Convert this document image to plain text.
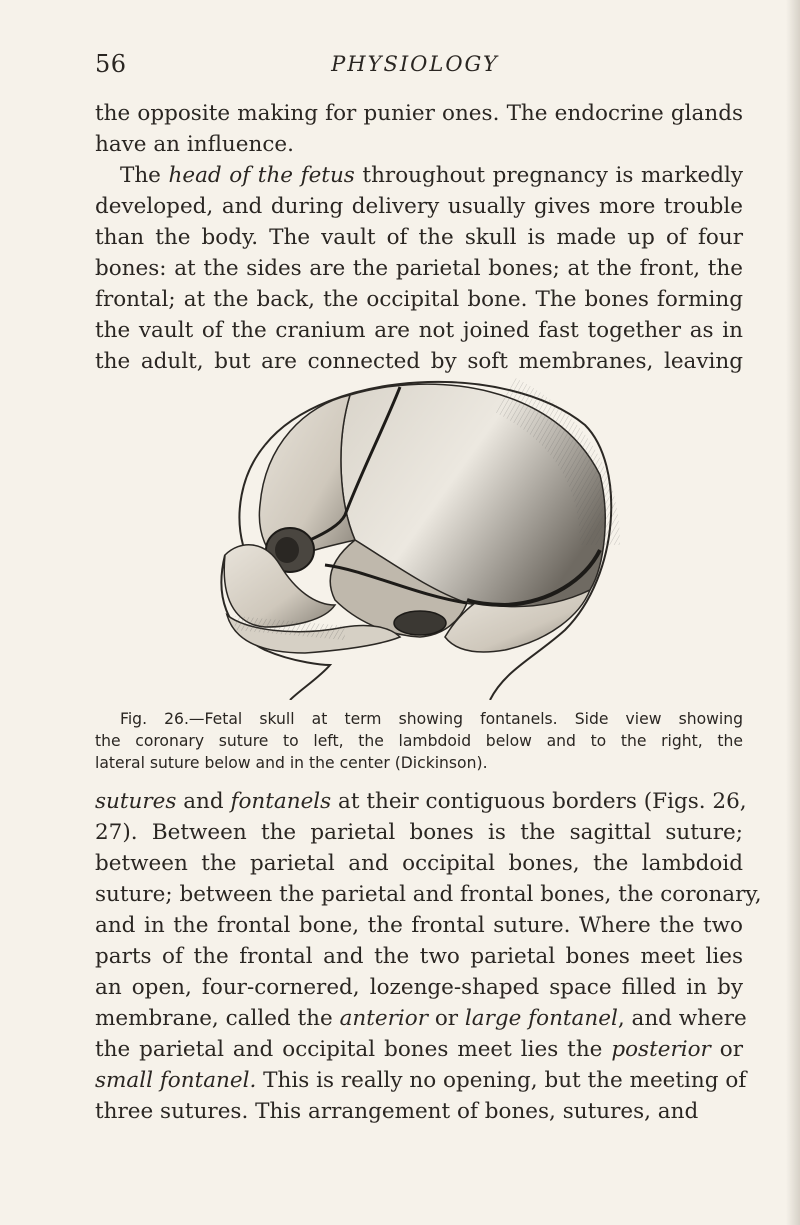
56	PHYSIOLOGY
the opposite making for punier ones. The endocrine glands
have an influence.
The head of the fetus throughout pregnancy is markedly
developed, and during delivery usually gives more trouble
than the body. The vault of the skull is made up of four
bones: at the sides are the parietal bones; at the front, the
frontal; at the back, the occipital bone. The bones forming
the vault of the cranium are not joined fast together as in
the adult, but are connected by soft membranes, leaving
Fig. 26.—Fetal skull at term showing fontanels. Side view showing
the coronary suture to left, the lambdoid below and to the right, the
lateral suture below and in the center (Dickinson).
sutures and fontanels at their contiguous borders (Figs. 26,
27). Between the parietal bones is the sagittal suture;
between the parietal and occipital bones, the lambdoid
suture; between the parietal and frontal bones, the coronary,
and in the frontal bone, the frontal suture. Where the two
parts of the frontal and the two parietal bones meet lies
an open, four-cornered, lozenge-shaped space filled in by
membrane, called the anterior or large fontanel, and where
the parietal and occipital bones meet lies the posterior or
small fontanel. This is really no opening, but the meeting of
three sutures. This arrangement of bones, sutures, and
